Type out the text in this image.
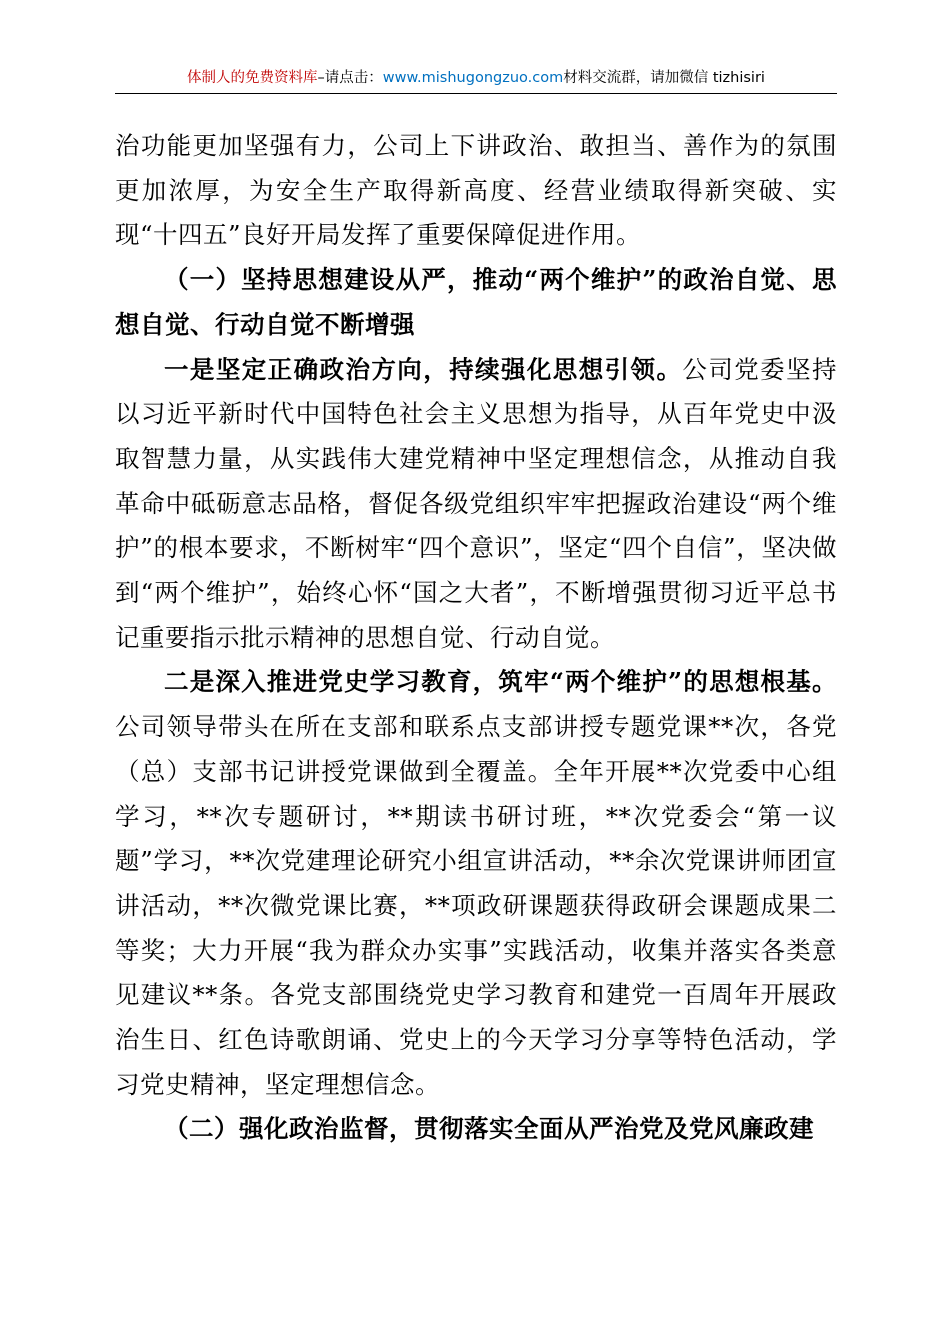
体制人的免费资料库–请点击：www.mishugongzuo.com材料交流群，请加微信 tizhisiri

治功能更加坚强有力，公司上下讲政治、敢担当、善作为的氛围更加浓厚，为安全生产取得新高度、经营业绩取得新突破、实现“十四五”良好开局发挥了重要保障促进作用。

（一）坚持思想建设从严，推动“两个维护”的政治自觉、思想自觉、行动自觉不断增强

一是坚定正确政治方向，持续强化思想引领。公司党委坚持以习近平新时代中国特色社会主义思想为指导，从百年党史中汲取智慧力量，从实践伟大建党精神中坚定理想信念，从推动自我革命中砥砺意志品格，督促各级党组织牢牢把握政治建设“两个维护”的根本要求，不断树牢“四个意识”，坚定“四个自信”，坚决做到“两个维护”，始终心怀“国之大者”，不断增强贯彻习近平总书记重要指示批示精神的思想自觉、行动自觉。

二是深入推进党史学习教育，筑牢“两个维护”的思想根基。公司领导带头在所在支部和联系点支部讲授专题党课**次，各党（总）支部书记讲授党课做到全覆盖。全年开展**次党委中心组学习，**次专题研讨，**期读书研讨班，**次党委会“第一议题”学习，**次党建理论研究小组宣讲活动，**余次党课讲师团宣讲活动，**次微党课比赛，**项政研课题获得政研会课题成果二等奖；大力开展“我为群众办实事”实践活动，收集并落实各类意见建议**条。各党支部围绕党史学习教育和建党一百周年开展政治生日、红色诗歌朗诵、党史上的今天学习分享等特色活动，学习党史精神，坚定理想信念。

（二）强化政治监督，贯彻落实全面从严治党及党风廉政建
